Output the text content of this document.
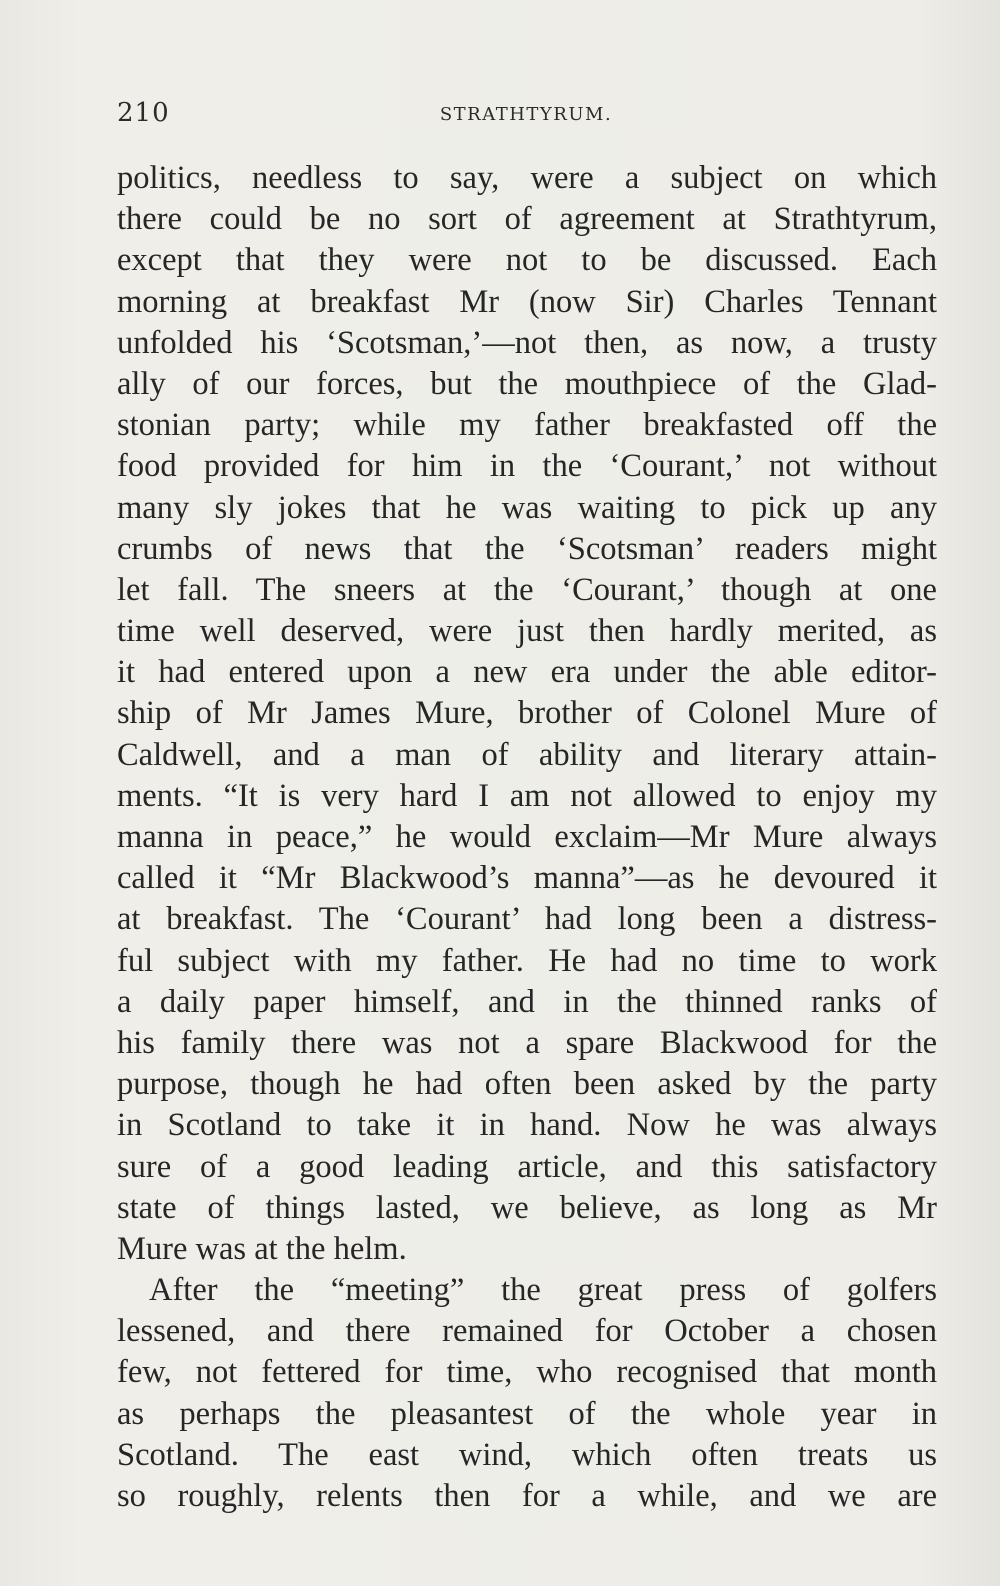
210	STRATHTYRUM.
politics, needless to say, were a subject on which
there could be no sort of agreement at Strathtyrum,
except that they were not to be discussed. Each
morning at breakfast Mr (now Sir) Charles Tennant
unfolded his ‘Scotsman,’—not then, as now, a trusty
ally of our forces, but the mouthpiece of the Glad-
stonian party; while my father breakfasted off the
food provided for him in the ‘Courant,’ not without
many sly jokes that he was waiting to pick up any
crumbs of news that the ‘Scotsman’ readers might
let fall. The sneers at the ‘Courant,’ though at one
time well deserved, were just then hardly merited, as
it had entered upon a new era under the able editor-
ship of Mr James Mure, brother of Colonel Mure of
Caldwell, and a man of ability and literary attain-
ments. “It is very hard I am not allowed to enjoy my
manna in peace,” he would exclaim—Mr Mure always
called it “Mr Blackwood’s manna”—as he devoured it
at breakfast. The ‘Courant’ had long been a distress-
ful subject with my father. He had no time to work
a daily paper himself, and in the thinned ranks of
his family there was not a spare Blackwood for the
purpose, though he had often been asked by the party
in Scotland to take it in hand. Now he was always
sure of a good leading article, and this satisfactory
state of things lasted, we believe, as long as Mr
Mure was at the helm.
After the “meeting” the great press of golfers
lessened, and there remained for October a chosen
few, not fettered for time, who recognised that month
as perhaps the pleasantest of the whole year in
Scotland. The east wind, which often treats us
so roughly, relents then for a while, and we are
